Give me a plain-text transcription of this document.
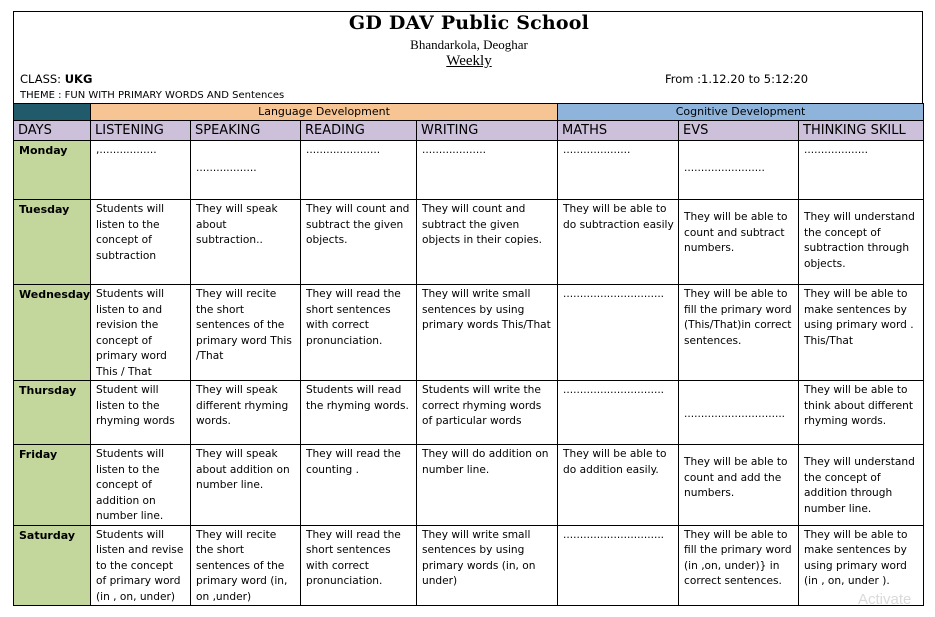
GD DAV Public School
Bhandarkola, Deoghar
Weekly
CLASS: UKG	From :1.12.20 to 5:12:20
THEME : FUN WITH PRIMARY WORDS AND Sentences
	Language Development				Cognitive Development		
DAYS	LISTENING	SPEAKING	READING	WRITING	MATHS	EVS	THINKING SKILL
Monday	,.................	..................	......................	...................	....................	........................	...................

Tuesday	Students will listen to the concept of subtraction	They will speak about subtraction..	They will count and subtract the given objects.	They will count and subtract the given objects in their copies.	They will be able to do subtraction easily	They will be able to count and subtract numbers.	They will understand the concept of subtraction through objects.

Wednesday	Students will listen to and revision the concept of primary word This / That	They will recite the short sentences of the primary word This /That	They will read the short sentences with correct pronunciation.	They will write small sentences by using primary words This/That	..............................	They will be able to fill the primary word (This/That)in correct sentences.	They will be able to make sentences by using primary word . This/That

Thursday	Student will listen to the rhyming words	They will speak different rhyming words.	Students will read the rhyming words.	Students will write the correct rhyming words of particular words	..............................	..............................	They will be able to think about different rhyming words.

Friday	Students will listen to the concept of addition on number line.	They will speak about addition on number line.	They will read the counting .	They will do addition on number line.	They will be able to do addition easily.	They will be able to count and add the numbers.	They will understand the concept of addition through number line.

Saturday	Students will listen and revise to the concept of primary word (in , on, under)	They will recite the short sentences of the primary word (in, on ,under)	They will read the short sentences with correct pronunciation.	They will write small sentences by using primary words (in, on under)	..............................	They will be able to fill the primary word (in ,on, under)} in correct sentences.	They will be able to make sentences by using primary word (in , on, under ).
Activate
